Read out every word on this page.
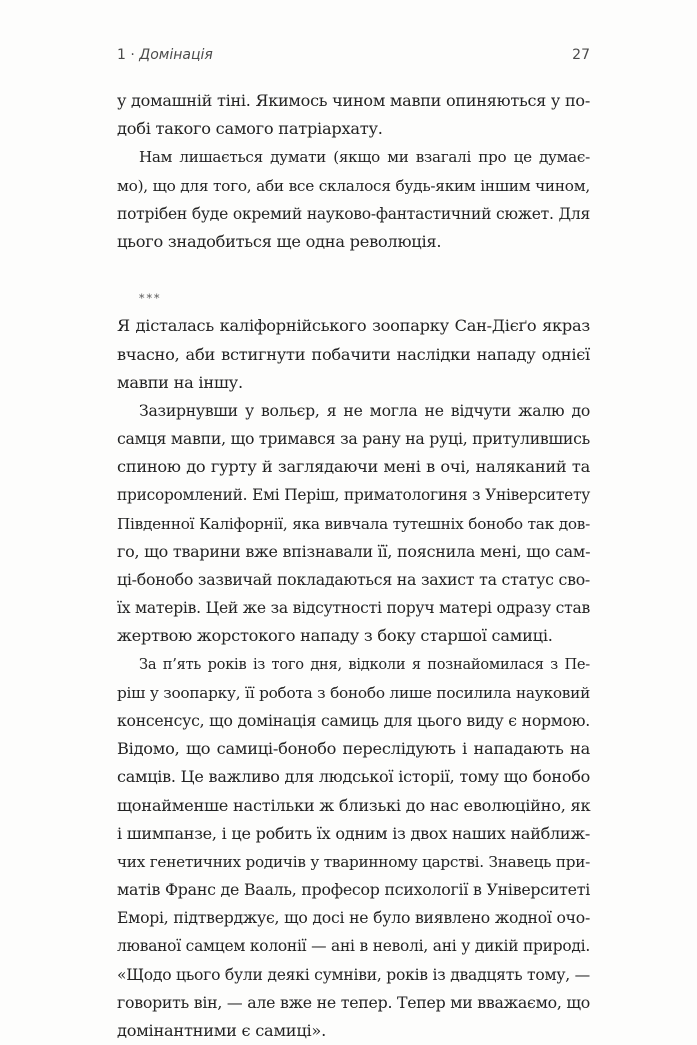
1 · Домінація	27
у домашній тіні. Якимось чином мавпи опиняються у по-
добі такого самого патріархату.
Нам лишається думати (якщо ми взагалі про це думає-
мо), що для того, аби все склалося будь-яким іншим чином,
потрібен буде окремий науково-фантастичний сюжет. Для
цього знадобиться ще одна революція.
***
Я дісталась каліфорнійського зоопарку Сан-Дієґо якраз
вчасно, аби встигнути побачити наслідки нападу однієї
мавпи на іншу.
Зазирнувши у вольєр, я не могла не відчути жалю до
самця мавпи, що тримався за рану на руці, притулившись
спиною до гурту й заглядаючи мені в очі, наляканий та
присоромлений. Емі Періш, приматологиня з Університету
Південної Каліфорнії, яка вивчала тутешніх бонобо так дов-
го, що тварини вже впізнавали її, пояснила мені, що сам-
ці-бонобо зазвичай покладаються на захист та статус сво-
їх матерів. Цей же за відсутності поруч матері одразу став
жертвою жорстокого нападу з боку старшої самиці.
За п’ять років із того дня, відколи я познайомилася з Пе-
ріш у зоопарку, її робота з бонобо лише посилила науковий
консенсус, що домінація самиць для цього виду є нормою.
Відомо, що самиці-бонобо переслідують і нападають на
самців. Це важливо для людської історії, тому що бонобо
щонайменше настільки ж близькі до нас еволюційно, як
і шимпанзе, і це робить їх одним із двох наших найближ-
чих генетичних родичів у тваринному царстві. Знавець при-
матів Франс де Вааль, професор психології в Університеті
Еморі, підтверджує, що досі не було виявлено жодної очо-
люваної самцем колонії — ані в неволі, ані у дикій природі.
«Щодо цього були деякі сумніви, років із двадцять тому, —
говорить він, — але вже не тепер. Тепер ми вважаємо, що
домінантними є самиці».
